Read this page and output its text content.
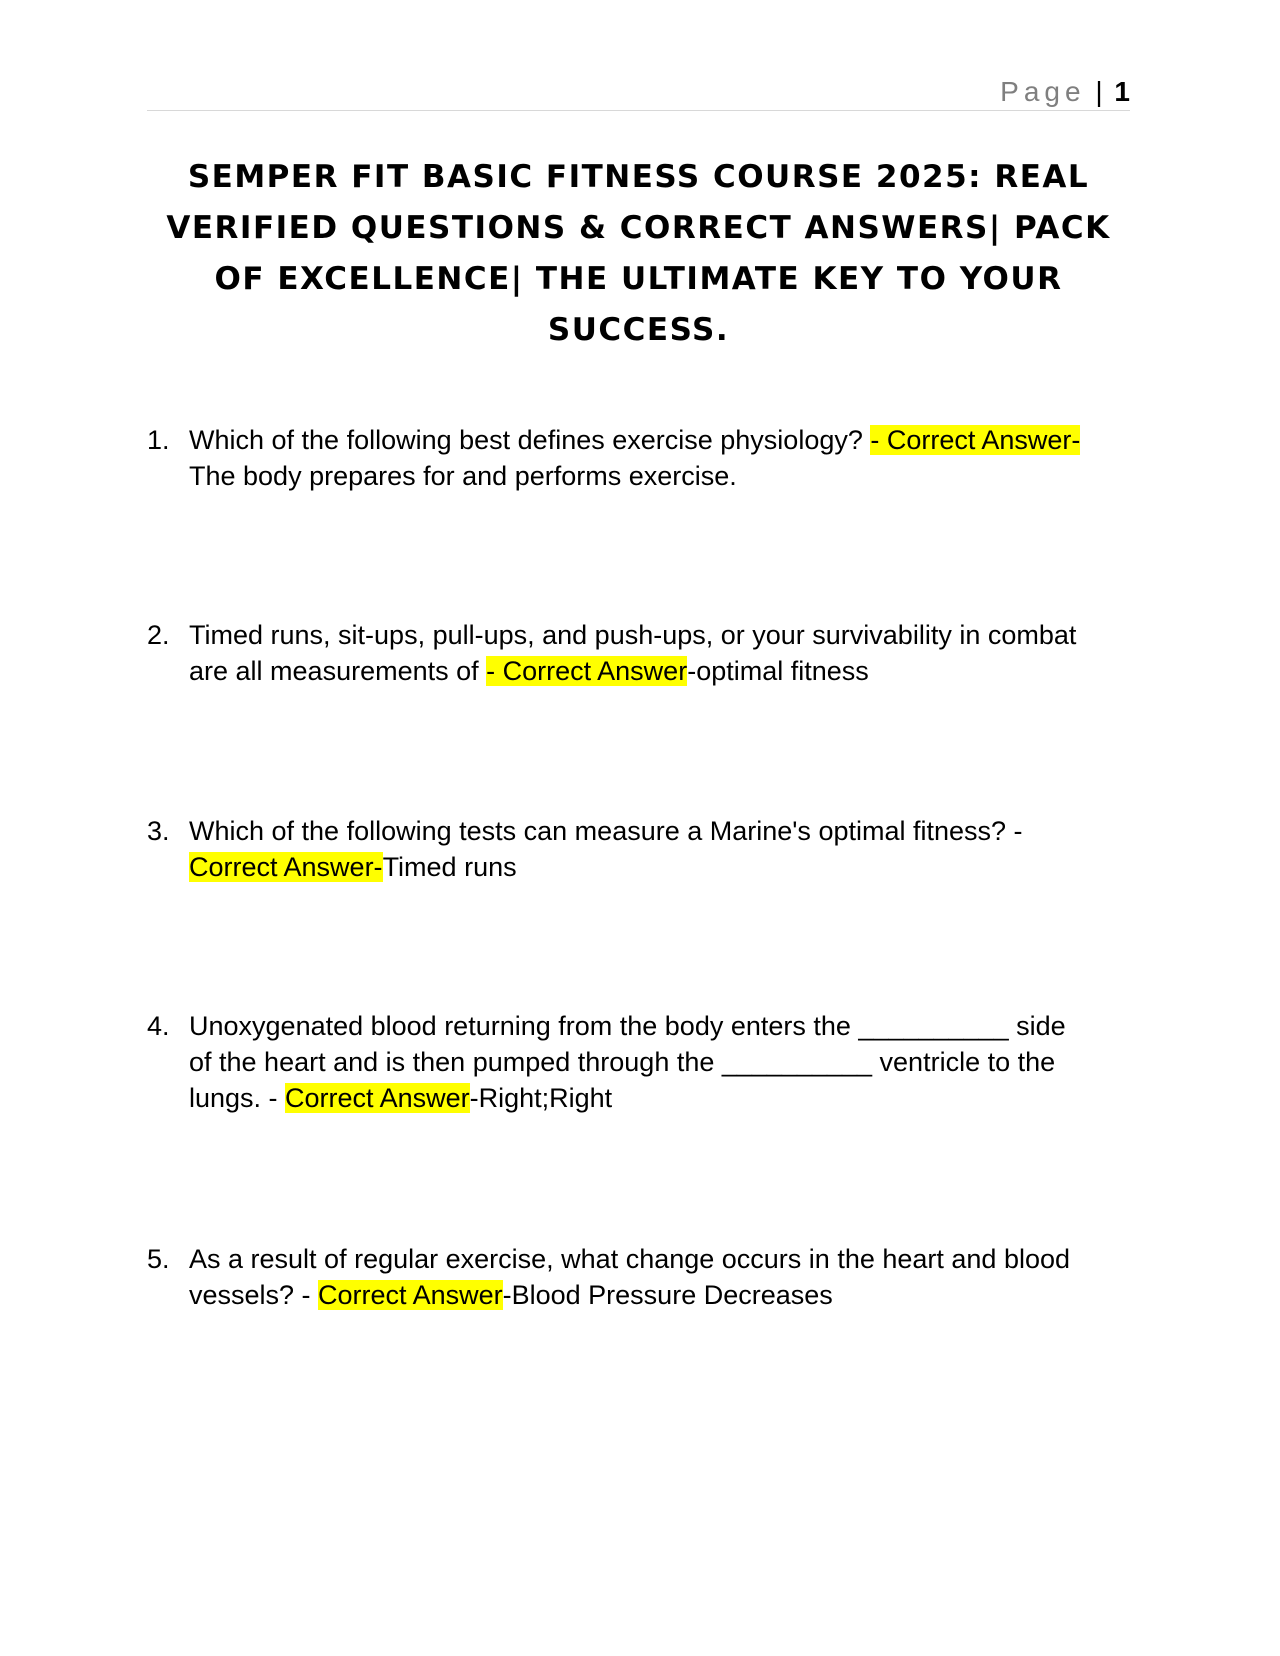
Page | 1
SEMPER FIT BASIC FITNESS COURSE 2025: REAL VERIFIED QUESTIONS & CORRECT ANSWERS| PACK OF EXCELLENCE| THE ULTIMATE KEY TO YOUR SUCCESS.
1. Which of the following best defines exercise physiology? - Correct Answer-The body prepares for and performs exercise.
2. Timed runs, sit-ups, pull-ups, and push-ups, or your survivability in combat are all measurements of - Correct Answer-optimal fitness
3. Which of the following tests can measure a Marine's optimal fitness? -Correct Answer-Timed runs
4. Unoxygenated blood returning from the body enters the __________ side of the heart and is then pumped through the __________ ventricle to the lungs. - Correct Answer-Right;Right
5. As a result of regular exercise, what change occurs in the heart and blood vessels? - Correct Answer-Blood Pressure Decreases
